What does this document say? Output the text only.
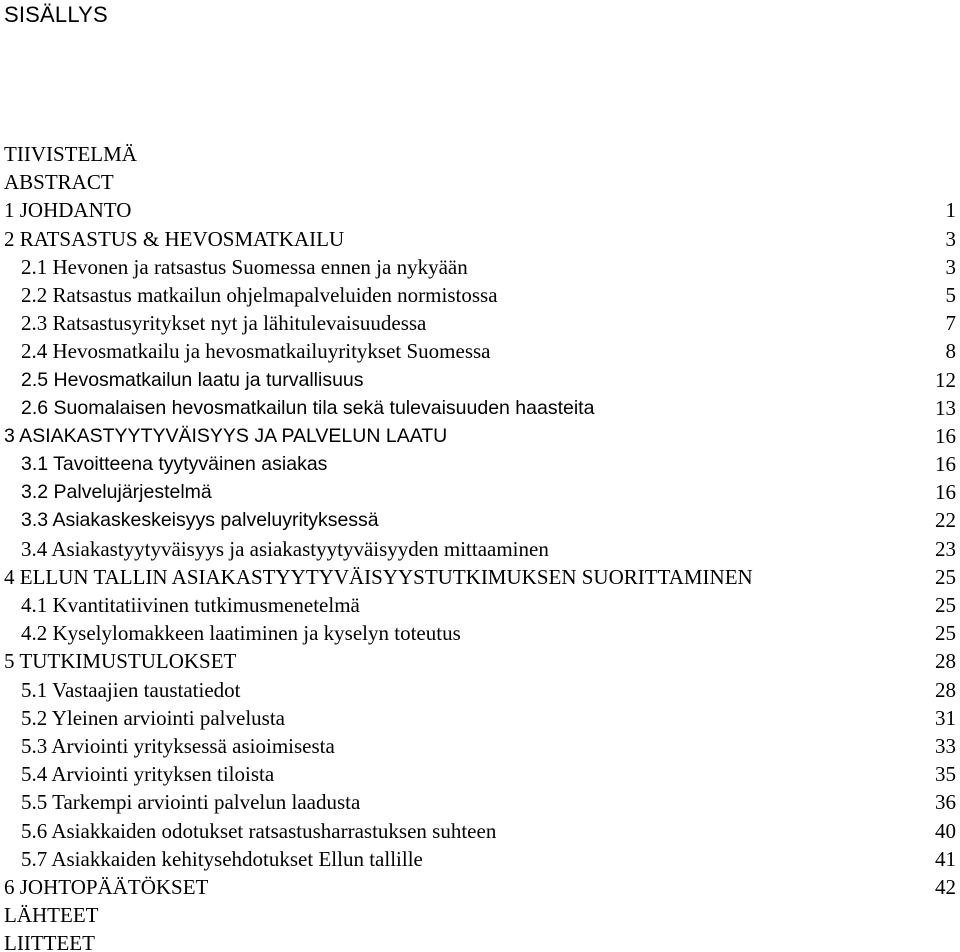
SISÄLLYS
TIIVISTELMÄ
ABSTRACT
1 JOHDANTO	1
2 RATSASTUS & HEVOSMATKAILU	3
2.1 Hevonen ja ratsastus Suomessa ennen ja nykyään	3
2.2 Ratsastus matkailun ohjelmapalveluiden normistossa	5
2.3 Ratsastusyritykset nyt ja lähitulevaisuudessa	7
2.4 Hevosmatkailu ja hevosmatkailuyritykset Suomessa	8
2.5 Hevosmatkailun laatu ja turvallisuus	12
2.6 Suomalaisen hevosmatkailun tila sekä tulevaisuuden haasteita	13
3 ASIAKASTYYTYVÄISYYS JA PALVELUN LAATU	16
3.1 Tavoitteena tyytyväinen asiakas	16
3.2 Palvelujärjestelmä	16
3.3 Asiakaskeskeisyys palveluyrityksessä	22
3.4 Asiakastyytyväisyys ja asiakastyytyväisyyden mittaaminen	23
4 ELLUN TALLIN ASIAKASTYYTYVÄISYYSTUTKIMUKSEN SUORITTAMINEN	25
4.1 Kvantitatiivinen tutkimusmenetelmä	25
4.2 Kyselylomakkeen laatiminen ja kyselyn toteutus	25
5 TUTKIMUSTULOKSET	28
5.1 Vastaajien taustatiedot	28
5.2 Yleinen arviointi palvelusta	31
5.3 Arviointi yrityksessä asioimisesta	33
5.4 Arviointi yrityksen tiloista	35
5.5 Tarkempi arviointi palvelun laadusta	36
5.6 Asiakkaiden odotukset ratsastusharrastuksen suhteen	40
5.7 Asiakkaiden kehitysehdotukset Ellun tallille	41
6 JOHTOPÄÄTÖKSET	42
LÄHTEET
LIITTEET
